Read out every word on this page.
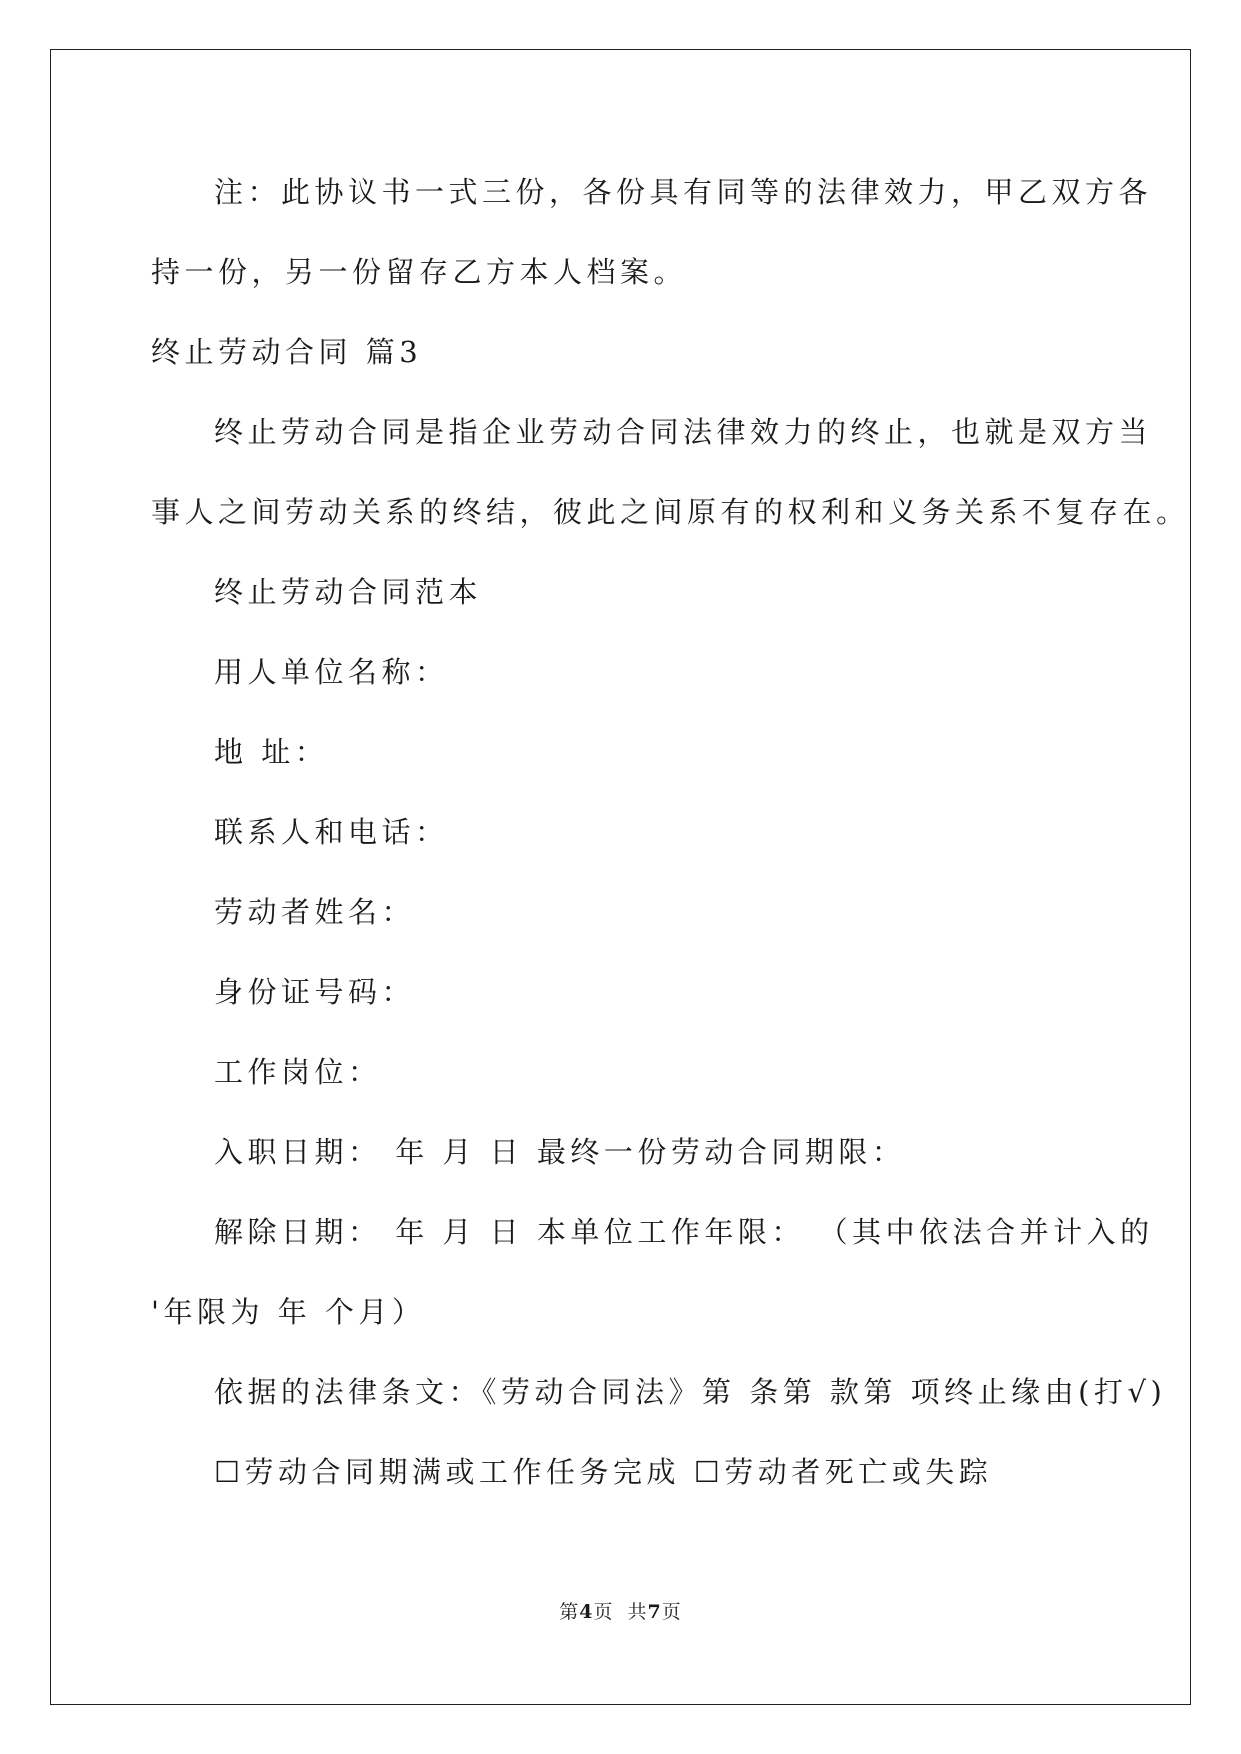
注：此协议书一式三份，各份具有同等的法律效力，甲乙双方各
持一份，另一份留存乙方本人档案。
终止劳动合同 篇3
终止劳动合同是指企业劳动合同法律效力的终止，也就是双方当
事人之间劳动关系的终结，彼此之间原有的权利和义务关系不复存在。
终止劳动合同范本
用人单位名称：
地 址：
联系人和电话：
劳动者姓名：
身份证号码：
工作岗位：
入职日期： 年 月 日 最终一份劳动合同期限：
解除日期： 年 月 日 本单位工作年限： （其中依法合并计入的
'年限为 年 个月）
依据的法律条文：《劳动合同法》第 条第 款第 项终止缘由(打√)
☐劳动合同期满或工作任务完成 ☐劳动者死亡或失踪
第4页 共7页
